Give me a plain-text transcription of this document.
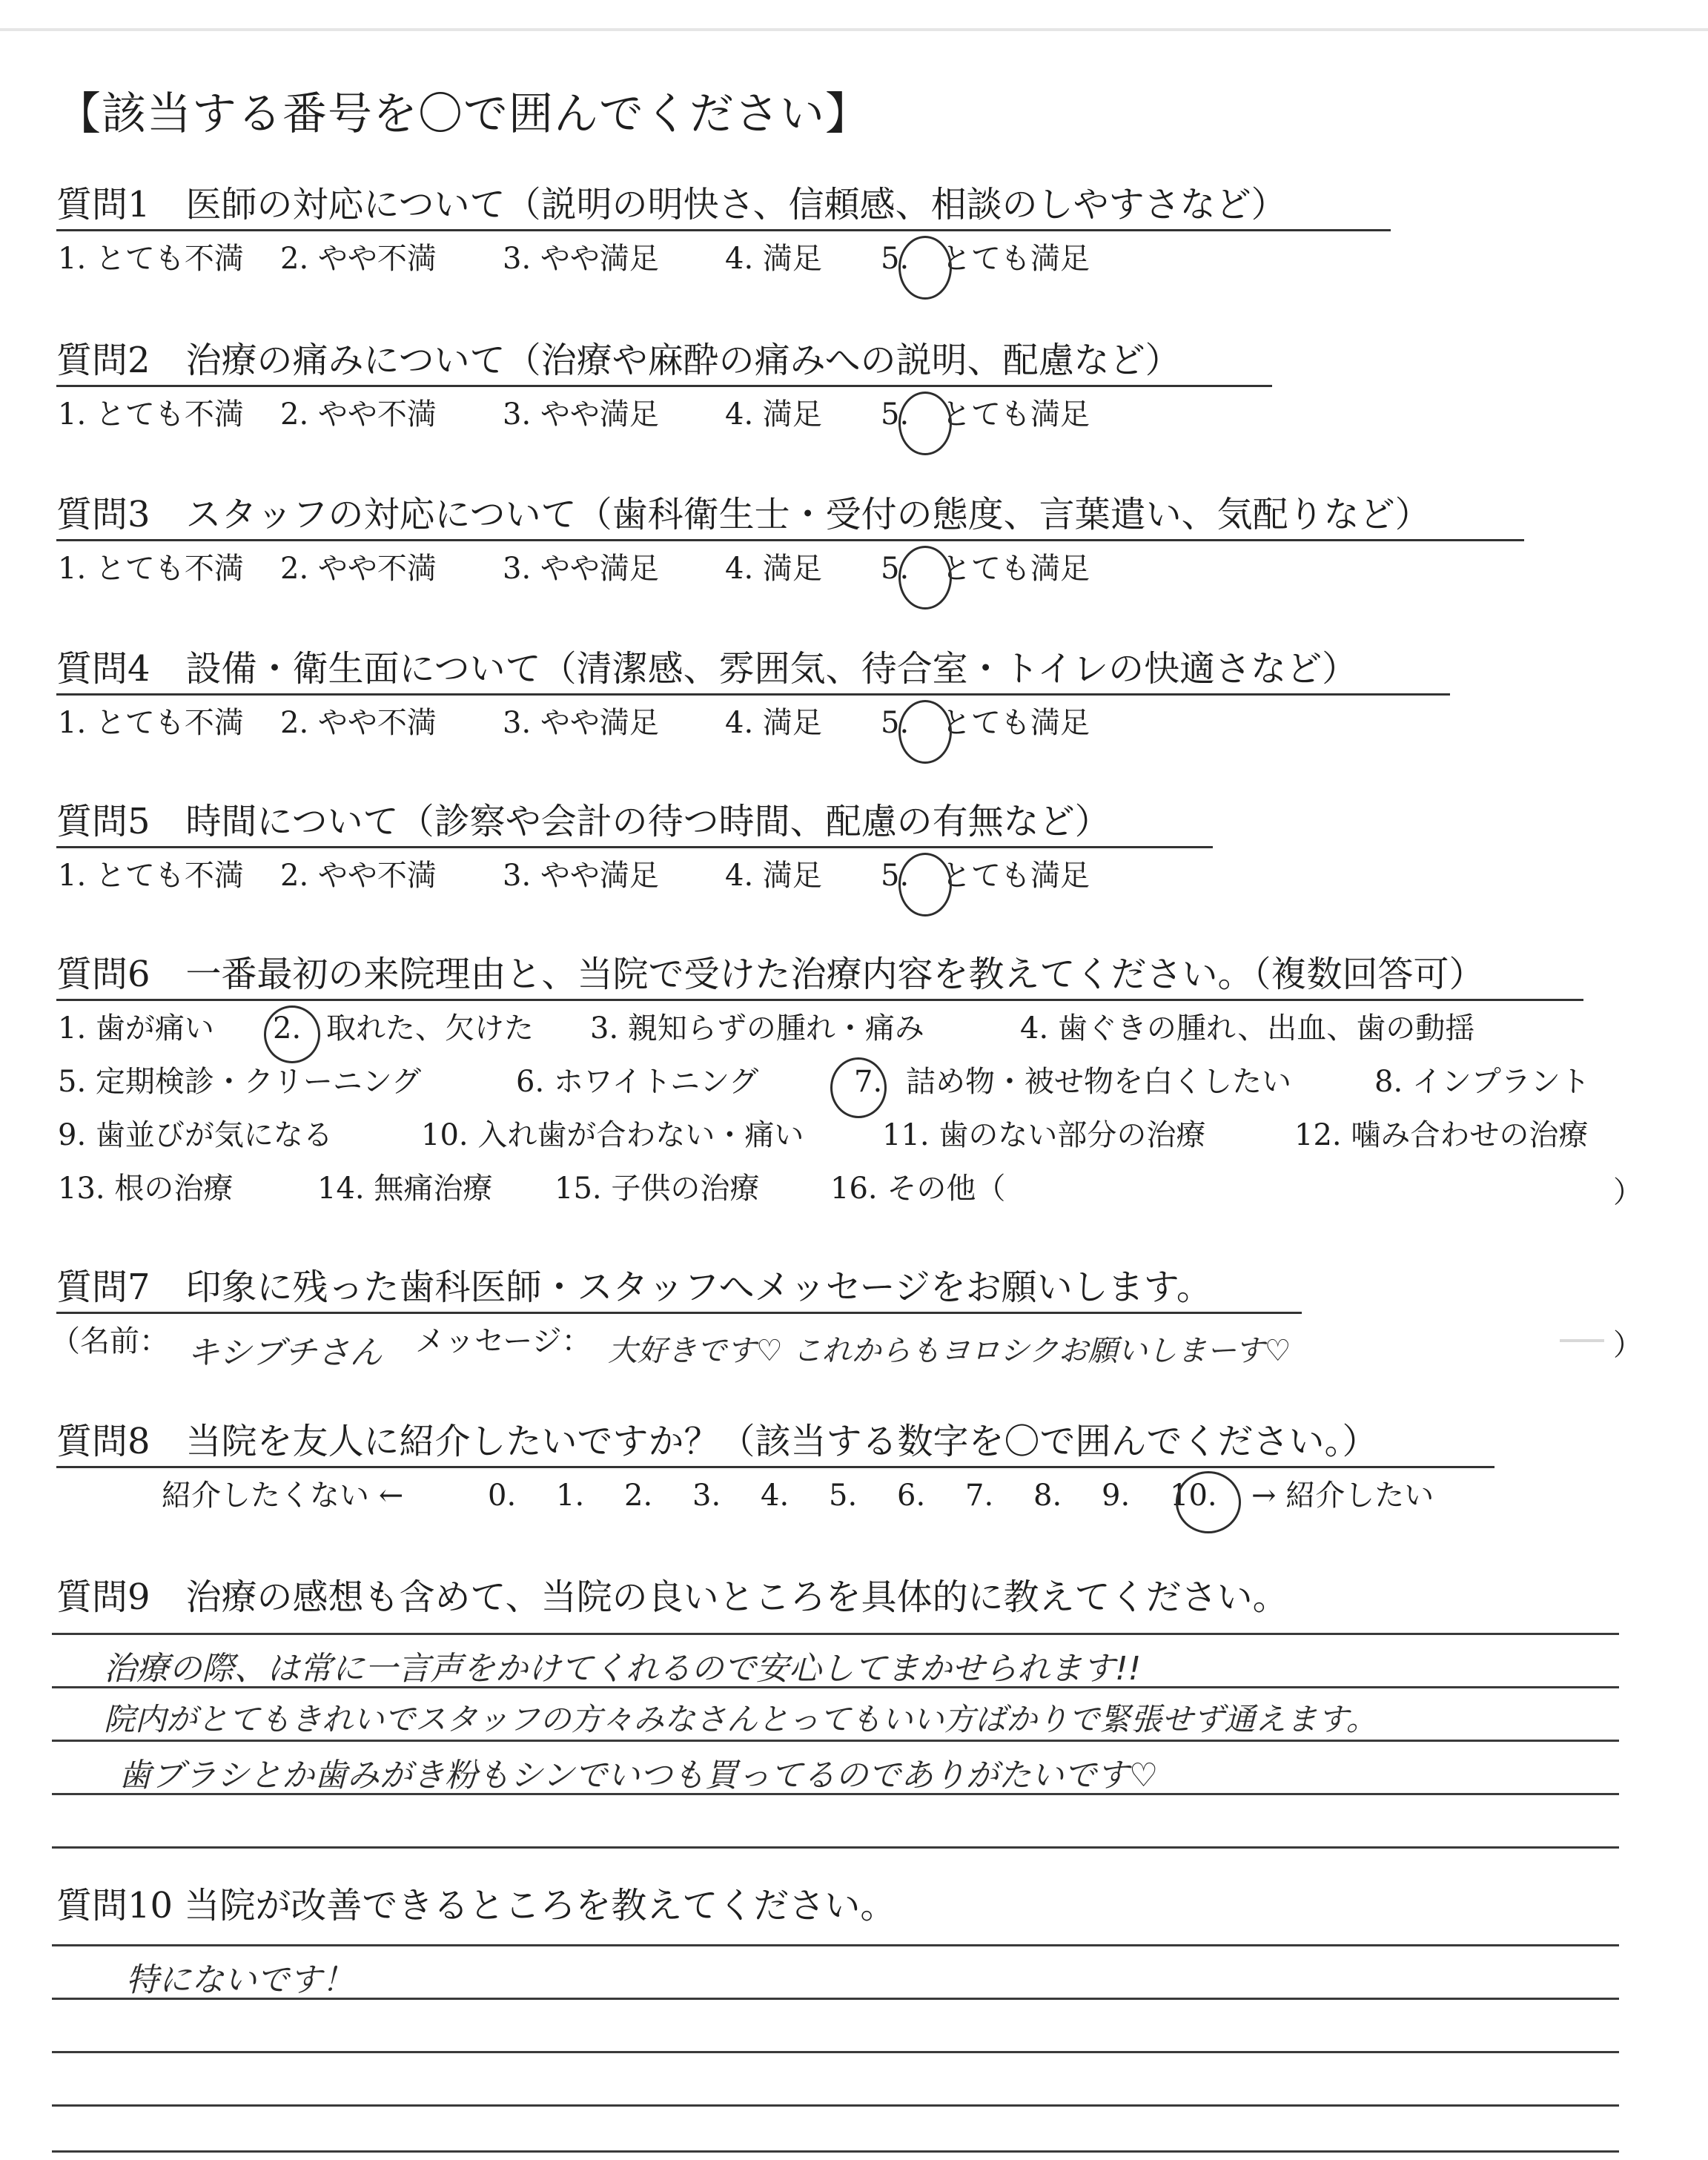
【該当する番号を〇で囲んでください】
質問1　医師の対応について（説明の明快さ、信頼感、相談のしやすさなど）
1. とても不満 2. やや不満 3. やや満足 4. 満足 5. とても満足
質問2　治療の痛みについて（治療や麻酔の痛みへの説明、配慮など）
1. とても不満 2. やや不満 3. やや満足 4. 満足 5. とても満足
質問3　スタッフの対応について（歯科衛生士・受付の態度、言葉遣い、気配りなど）
1. とても不満 2. やや不満 3. やや満足 4. 満足 5. とても満足
質問4　設備・衛生面について（清潔感、雰囲気、待合室・トイレの快適さなど）
1. とても不満 2. やや不満 3. やや満足 4. 満足 5. とても満足
質問5　時間について（診察や会計の待つ時間、配慮の有無など）
1. とても不満 2. やや不満 3. やや満足 4. 満足 5. とても満足
質問6　一番最初の来院理由と、当院で受けた治療内容を教えてください。（複数回答可）
1. 歯が痛い 2. 取れた、欠けた 3. 親知らずの腫れ・痛み	4. 歯ぐきの腫れ、出血、歯の動揺
5. 定期検診・クリーニング	6. ホワイトニング	7. 詰め物・被せ物を白くしたい	8. インプラント
9. 歯並びが気になる	10. 入れ歯が合わない・痛い	11. 歯のない部分の治療	12. 噛み合わせの治療
13. 根の治療	14. 無痛治療 15. 子供の治療 16. その他（	）
質問7　印象に残った歯科医師・スタッフへメッセージをお願いします。
（名前： キシブチさん メッセージ： 大好きです♡ これからもヨロシクお願いしまーす♡	）
質問8　当院を友人に紹介したいですか？（該当する数字を〇で囲んでください。）
紹介したくない ←	0. 1. 2. 3. 4. 5. 6. 7. 8. 9. 10. → 紹介したい
質問9　治療の感想も含めて、当院の良いところを具体的に教えてください。
治療の際、は常に一言声をかけてくれるので安心してまかせられます!!
院内がとてもきれいでスタッフの方々みなさんとってもいい方ばかりで緊張せず通えます。
歯ブラシとか歯みがき粉もシンでいつも買ってるのでありがたいです♡
質問10 当院が改善できるところを教えてください。
特にないです！
